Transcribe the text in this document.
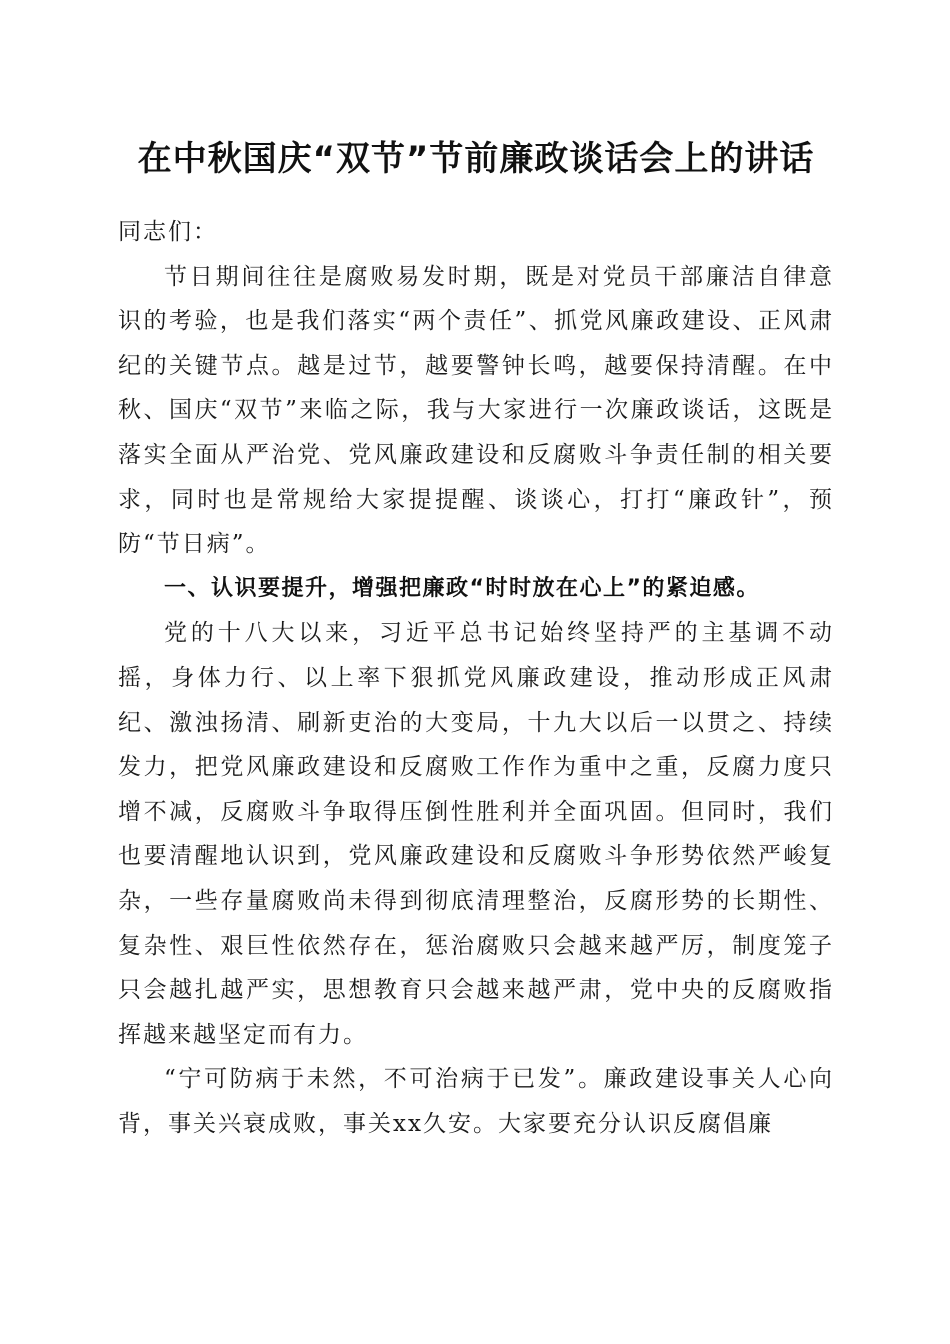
在中秋国庆“双节”节前廉政谈话会上的讲话

同志们：

节日期间往往是腐败易发时期，既是对党员干部廉洁自律意识的考验，也是我们落实“两个责任”、抓党风廉政建设、正风肃纪的关键节点。越是过节，越要警钟长鸣，越要保持清醒。在中秋、国庆“双节”来临之际，我与大家进行一次廉政谈话，这既是落实全面从严治党、党风廉政建设和反腐败斗争责任制的相关要求，同时也是常规给大家提提醒、谈谈心，打打“廉政针”，预防“节日病”。

一、认识要提升，增强把廉政“时时放在心上”的紧迫感。

党的十八大以来，习近平总书记始终坚持严的主基调不动摇，身体力行、以上率下狠抓党风廉政建设，推动形成正风肃纪、激浊扬清、刷新吏治的大变局，十九大以后一以贯之、持续发力，把党风廉政建设和反腐败工作作为重中之重，反腐力度只增不减，反腐败斗争取得压倒性胜利并全面巩固。但同时，我们也要清醒地认识到，党风廉政建设和反腐败斗争形势依然严峻复杂，一些存量腐败尚未得到彻底清理整治，反腐形势的长期性、复杂性、艰巨性依然存在，惩治腐败只会越来越严厉，制度笼子只会越扎越严实，思想教育只会越来越严肃，党中央的反腐败指挥越来越坚定而有力。

“宁可防病于未然，不可治病于已发”。廉政建设事关人心向背，事关兴衰成败，事关xx久安。大家要充分认识反腐倡廉
